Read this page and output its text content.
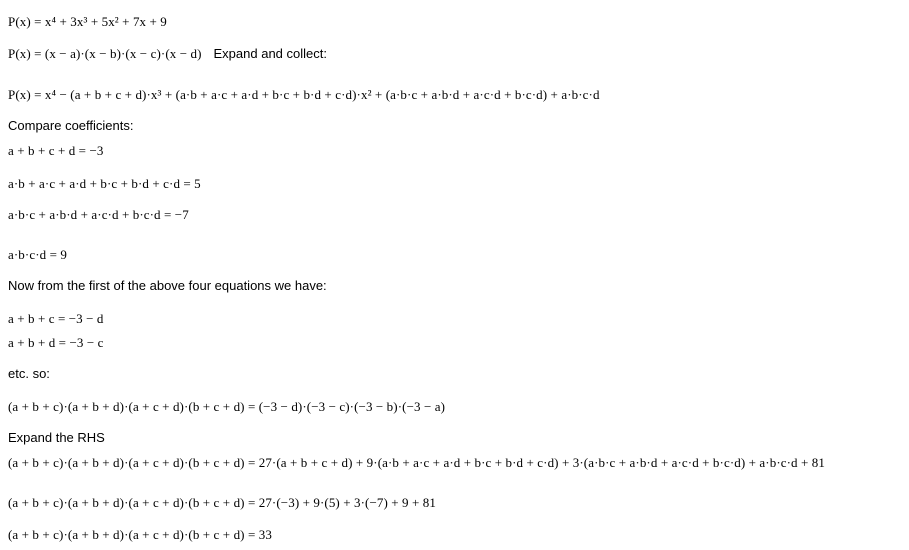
P(x) = x⁴ + 3x³ + 5x² + 7x + 9
P(x) = (x − a)·(x − b)·(x − c)·(x − d) Expand and collect:
P(x) = x⁴ − (a + b + c + d)·x³ + (a·b + a·c + a·d + b·c + b·d + c·d)·x² + (a·b·c + a·b·d + a·c·d + b·c·d) + a·b·c·d
Compare coefficients:
a + b + c + d = −3
a·b + a·c + a·d + b·c + b·d + c·d = 5
a·b·c + a·b·d + a·c·d + b·c·d = −7
a·b·c·d = 9
Now from the first of the above four equations we have:
a + b + c = −3 − d
a + b + d = −3 − c
etc. so:
(a + b + c)·(a + b + d)·(a + c + d)·(b + c + d) = (−3 − d)·(−3 − c)·(−3 − b)·(−3 − a)
Expand the RHS
(a + b + c)·(a + b + d)·(a + c + d)·(b + c + d) = 27·(a + b + c + d) + 9·(a·b + a·c + a·d + b·c + b·d + c·d) + 3·(a·b·c + a·b·d + a·c·d + b·c·d) + a·b·c·d + 81
(a + b + c)·(a + b + d)·(a + c + d)·(b + c + d) = 27·(−3) + 9·(5) + 3·(−7) + 9 + 81
(a + b + c)·(a + b + d)·(a + c + d)·(b + c + d) = 33
